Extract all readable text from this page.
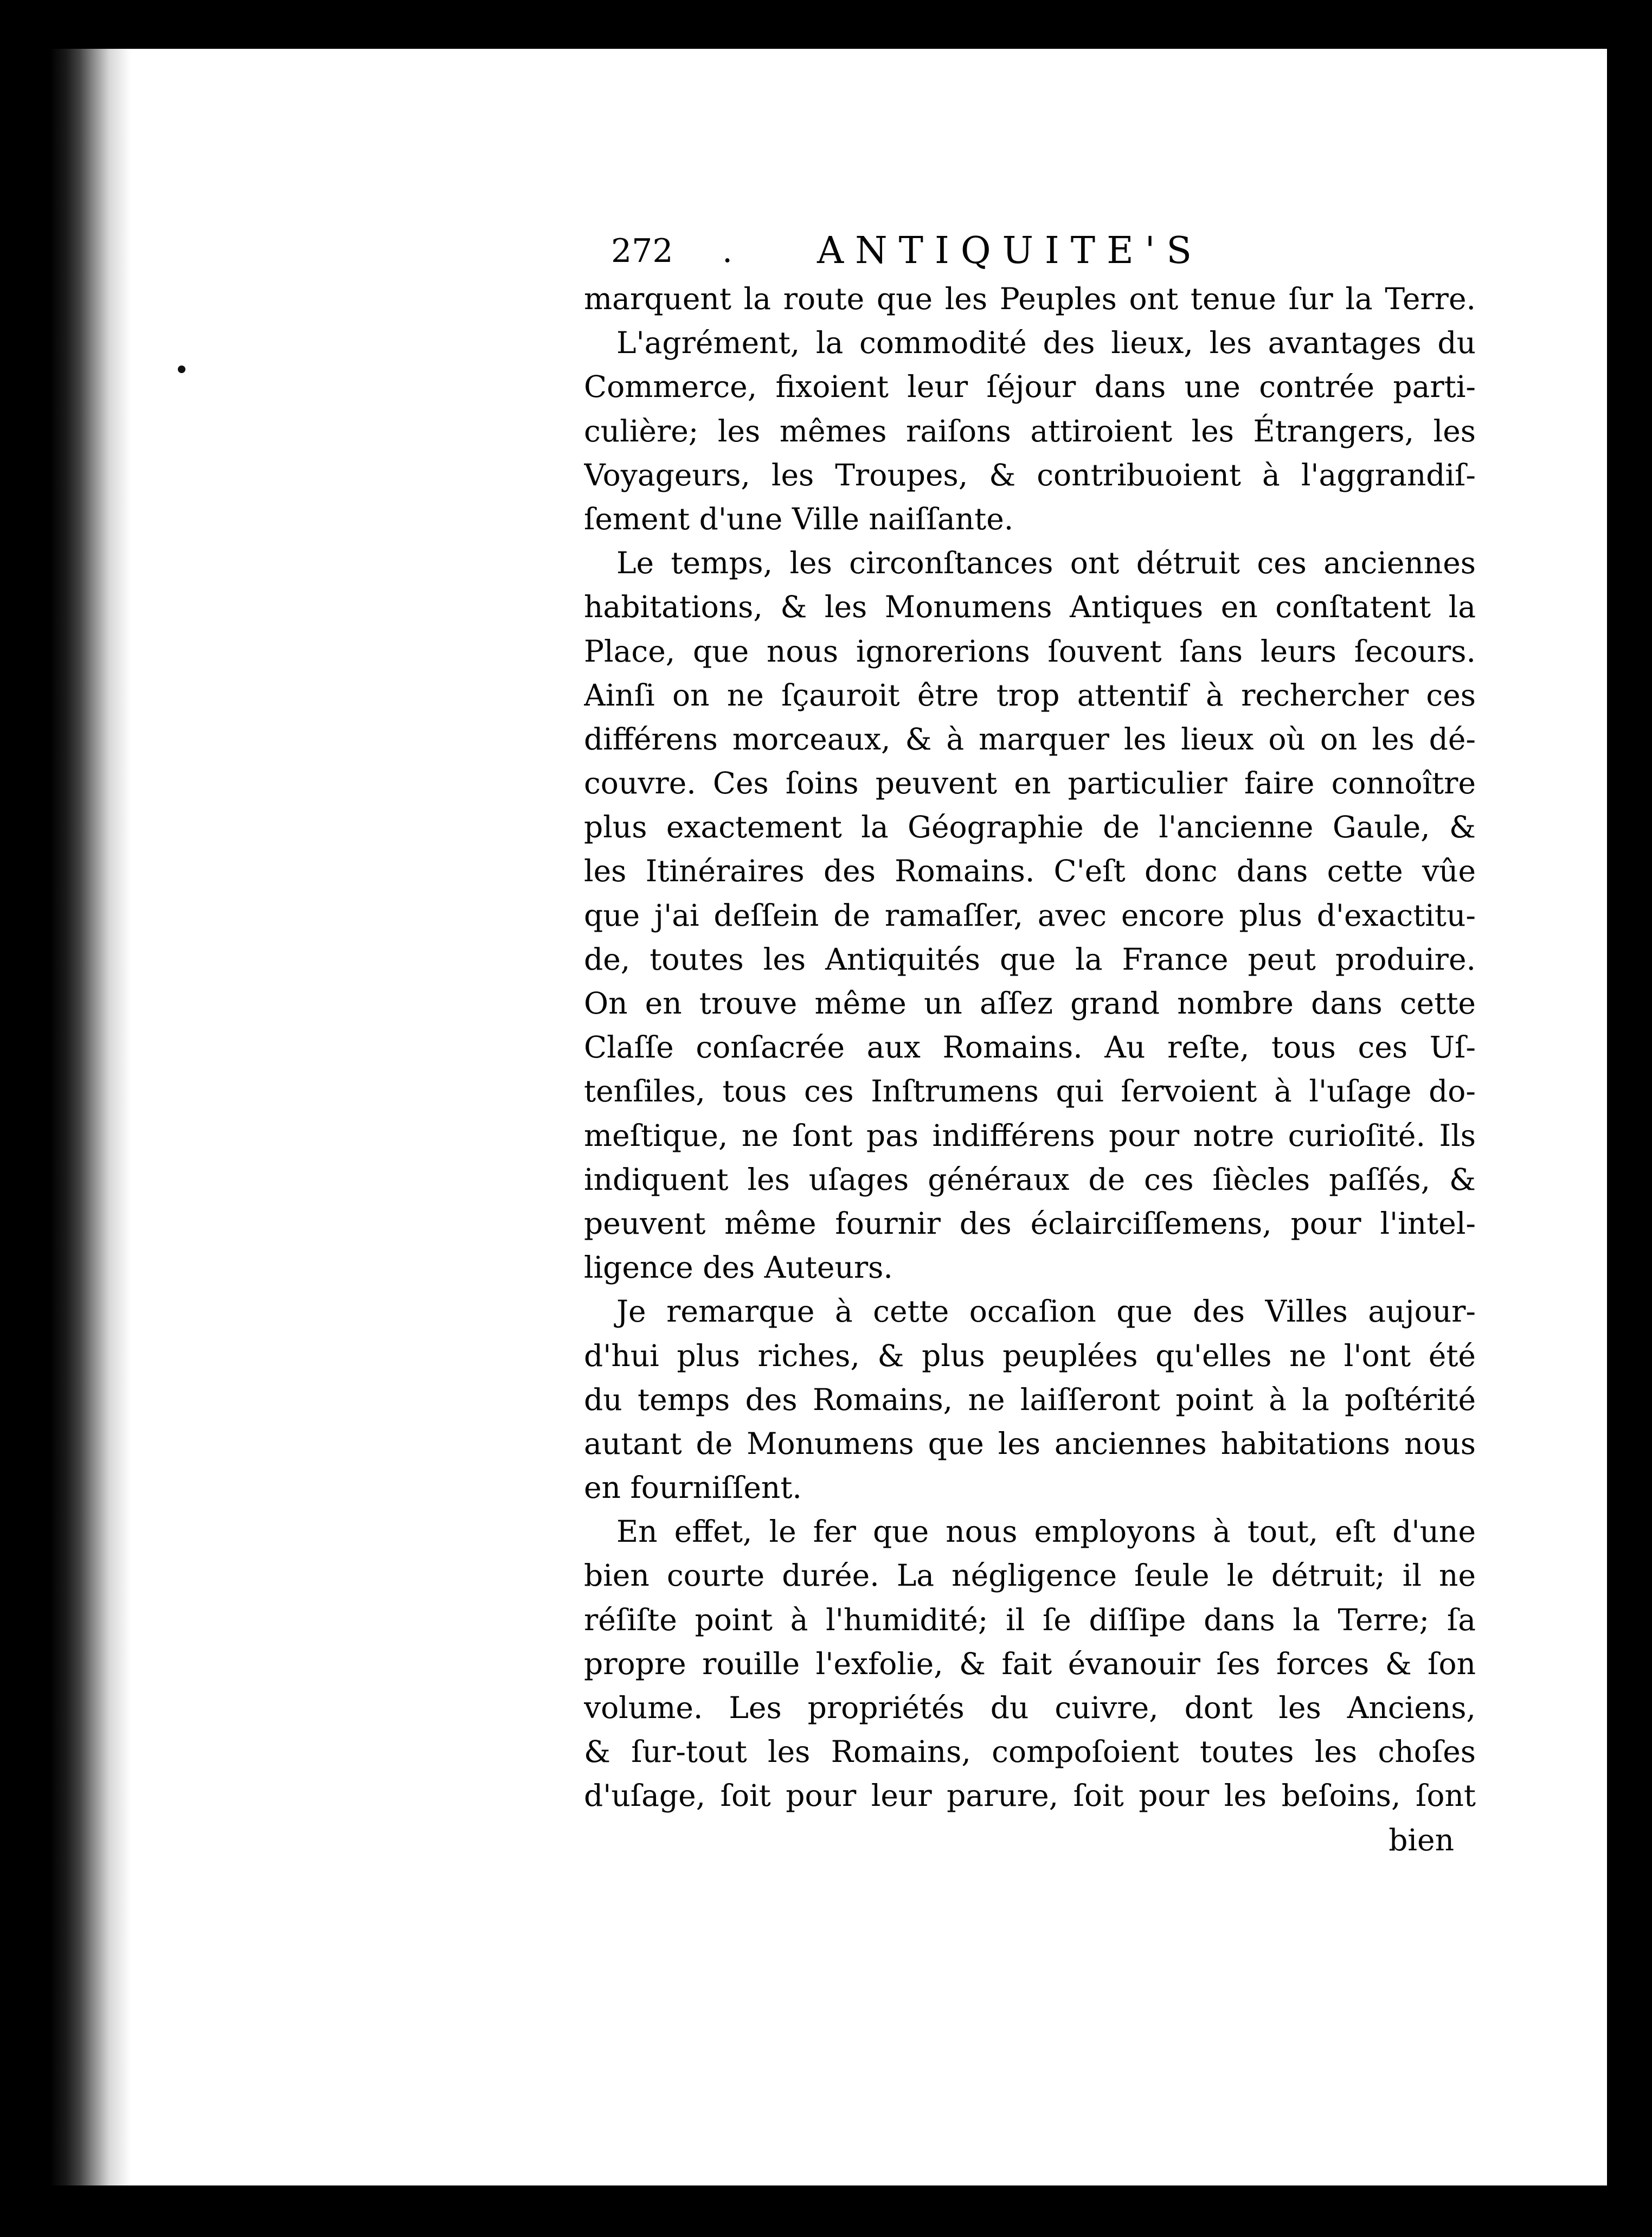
272 . ANTIQUITE'S
marquent la route que les Peuples ont tenue ſur la Terre.
L'agrément, la commodité des lieux, les avantages du
Commerce, fixoient leur ſéjour dans une contrée parti-
culière; les mêmes raiſons attiroient les Étrangers, les
Voyageurs, les Troupes, & contribuoient à l'aggrandiſ-
ſement d'une Ville naiſſante.
Le temps, les circonſtances ont détruit ces anciennes
habitations, & les Monumens Antiques en conſtatent la
Place, que nous ignorerions ſouvent ſans leurs ſecours.
Ainſi on ne ſçauroit être trop attentif à rechercher ces
différens morceaux, & à marquer les lieux où on les dé-
couvre. Ces ſoins peuvent en particulier faire connoître
plus exactement la Géographie de l'ancienne Gaule, &
les Itinéraires des Romains. C'eſt donc dans cette vûe
que j'ai deſſein de ramaſſer, avec encore plus d'exactitu-
de, toutes les Antiquités que la France peut produire.
On en trouve même un aſſez grand nombre dans cette
Claſſe conſacrée aux Romains. Au reſte, tous ces Uſ-
tenſiles, tous ces Inſtrumens qui ſervoient à l'uſage do-
meſtique, ne ſont pas indifférens pour notre curioſité. Ils
indiquent les uſages généraux de ces ſiècles paſſés, &
peuvent même fournir des éclairciſſemens, pour l'intel-
ligence des Auteurs.
Je remarque à cette occaſion que des Villes aujour-
d'hui plus riches, & plus peuplées qu'elles ne l'ont été
du temps des Romains, ne laiſſeront point à la poſtérité
autant de Monumens que les anciennes habitations nous
en fourniſſent.
En effet, le fer que nous employons à tout, eſt d'une
bien courte durée. La négligence ſeule le détruit; il ne
réſiſte point à l'humidité; il ſe diſſipe dans la Terre; ſa
propre rouille l'exfolie, & fait évanouir ſes forces & ſon
volume. Les propriétés du cuivre, dont les Anciens,
& ſur-tout les Romains, compoſoient toutes les choſes
d'uſage, ſoit pour leur parure, ſoit pour les beſoins, ſont
bien
